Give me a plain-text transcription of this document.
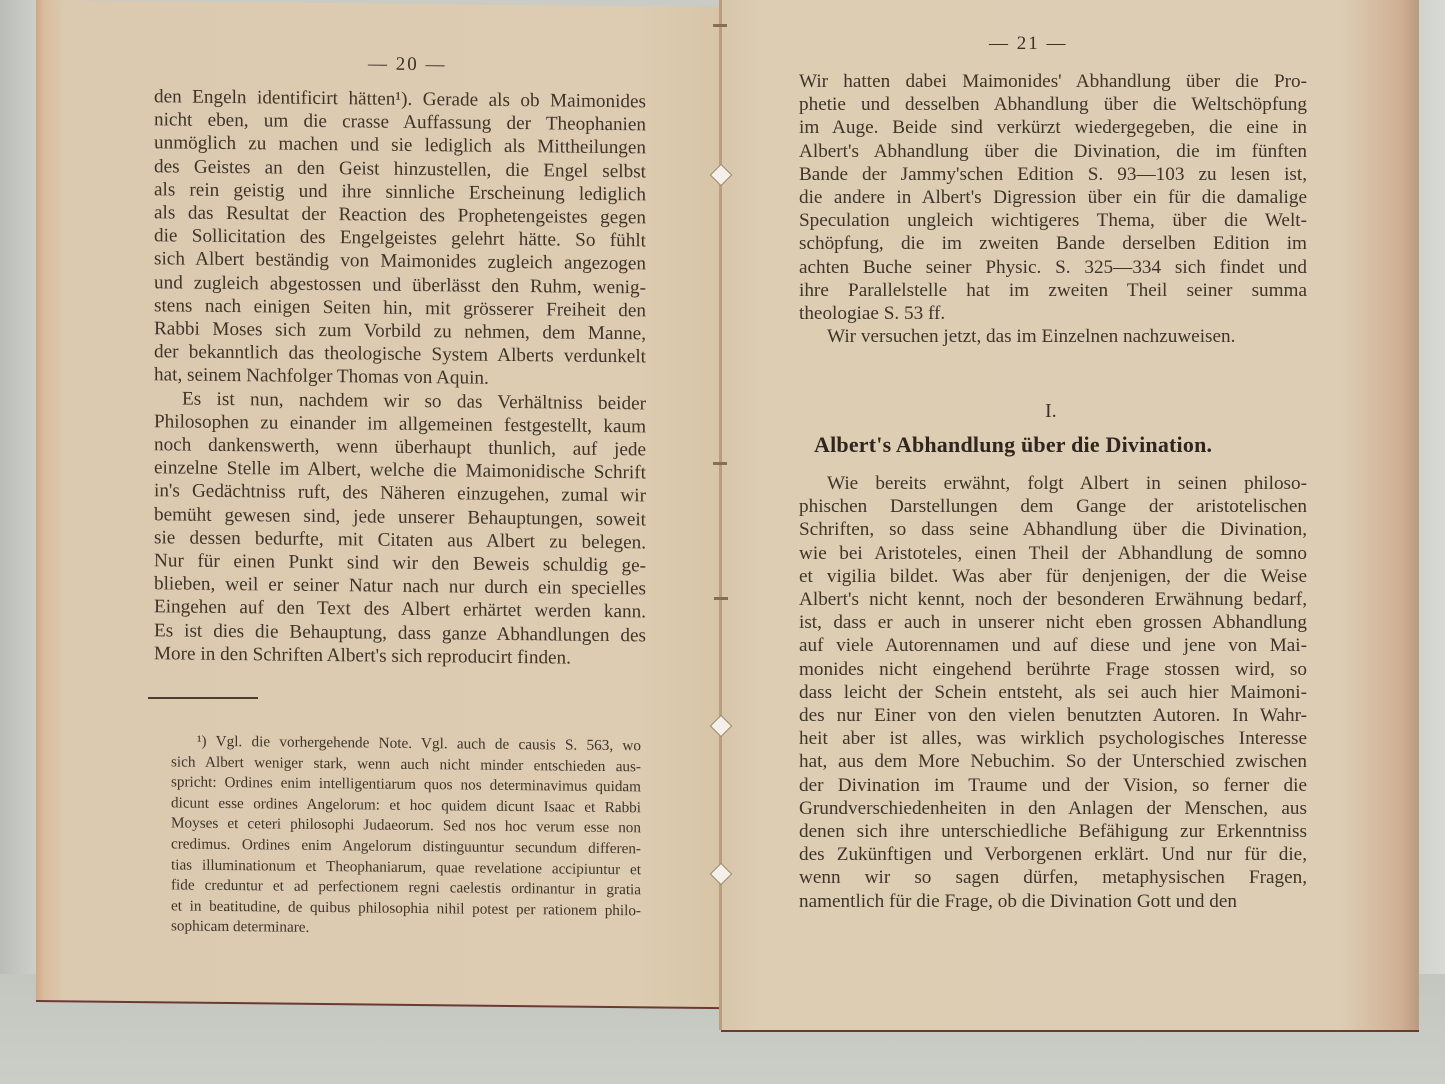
— 20 —
den Engeln identificirt hätten¹). Gerade als ob Maimonides
nicht eben, um die crasse Auffassung der Theophanien
unmöglich zu machen und sie lediglich als Mittheilungen
des Geistes an den Geist hinzustellen, die Engel selbst
als rein geistig und ihre sinnliche Erscheinung lediglich
als das Resultat der Reaction des Prophetengeistes gegen
die Sollicitation des Engelgeistes gelehrt hätte. So fühlt
sich Albert beständig von Maimonides zugleich angezogen
und zugleich abgestossen und überlässt den Ruhm, wenig-
stens nach einigen Seiten hin, mit grösserer Freiheit den
Rabbi Moses sich zum Vorbild zu nehmen, dem Manne,
der bekanntlich das theologische System Alberts verdunkelt
hat, seinem Nachfolger Thomas von Aquin.
Es ist nun, nachdem wir so das Verhältniss beider
Philosophen zu einander im allgemeinen festgestellt, kaum
noch dankenswerth, wenn überhaupt thunlich, auf jede
einzelne Stelle im Albert, welche die Maimonidische Schrift
in's Gedächtniss ruft, des Näheren einzugehen, zumal wir
bemüht gewesen sind, jede unserer Behauptungen, soweit
sie dessen bedurfte, mit Citaten aus Albert zu belegen.
Nur für einen Punkt sind wir den Beweis schuldig ge-
blieben, weil er seiner Natur nach nur durch ein specielles
Eingehen auf den Text des Albert erhärtet werden kann.
Es ist dies die Behauptung, dass ganze Abhandlungen des
More in den Schriften Albert's sich reproducirt finden.
¹) Vgl. die vorhergehende Note. Vgl. auch de causis S. 563, wo
sich Albert weniger stark, wenn auch nicht minder entschieden aus-
spricht: Ordines enim intelligentiarum quos nos determinavimus quidam
dicunt esse ordines Angelorum: et hoc quidem dicunt Isaac et Rabbi
Moyses et ceteri philosophi Judaeorum. Sed nos hoc verum esse non
credimus. Ordines enim Angelorum distinguuntur secundum differen-
tias illuminationum et Theophaniarum, quae revelatione accipiuntur et
fide creduntur et ad perfectionem regni caelestis ordinantur in gratia
et in beatitudine, de quibus philosophia nihil potest per rationem philo-
sophicam determinare.
— 21 —
Wir hatten dabei Maimonides' Abhandlung über die Pro-
phetie und desselben Abhandlung über die Weltschöpfung
im Auge. Beide sind verkürzt wiedergegeben, die eine in
Albert's Abhandlung über die Divination, die im fünften
Bande der Jammy'schen Edition S. 93—103 zu lesen ist,
die andere in Albert's Digression über ein für die damalige
Speculation ungleich wichtigeres Thema, über die Welt-
schöpfung, die im zweiten Bande derselben Edition im
achten Buche seiner Physic. S. 325—334 sich findet und
ihre Parallelstelle hat im zweiten Theil seiner summa
theologiae S. 53 ff.
Wir versuchen jetzt, das im Einzelnen nachzuweisen.
I.
Albert's Abhandlung über die Divination.
Wie bereits erwähnt, folgt Albert in seinen philoso-
phischen Darstellungen dem Gange der aristotelischen
Schriften, so dass seine Abhandlung über die Divination,
wie bei Aristoteles, einen Theil der Abhandlung de somno
et vigilia bildet. Was aber für denjenigen, der die Weise
Albert's nicht kennt, noch der besonderen Erwähnung bedarf,
ist, dass er auch in unserer nicht eben grossen Abhandlung
auf viele Autorennamen und auf diese und jene von Mai-
monides nicht eingehend berührte Frage stossen wird, so
dass leicht der Schein entsteht, als sei auch hier Maimoni-
des nur Einer von den vielen benutzten Autoren. In Wahr-
heit aber ist alles, was wirklich psychologisches Interesse
hat, aus dem More Nebuchim. So der Unterschied zwischen
der Divination im Traume und der Vision, so ferner die
Grundverschiedenheiten in den Anlagen der Menschen, aus
denen sich ihre unterschiedliche Befähigung zur Erkenntniss
des Zukünftigen und Verborgenen erklärt. Und nur für die,
wenn wir so sagen dürfen, metaphysischen Fragen,
namentlich für die Frage, ob die Divination Gott und den
